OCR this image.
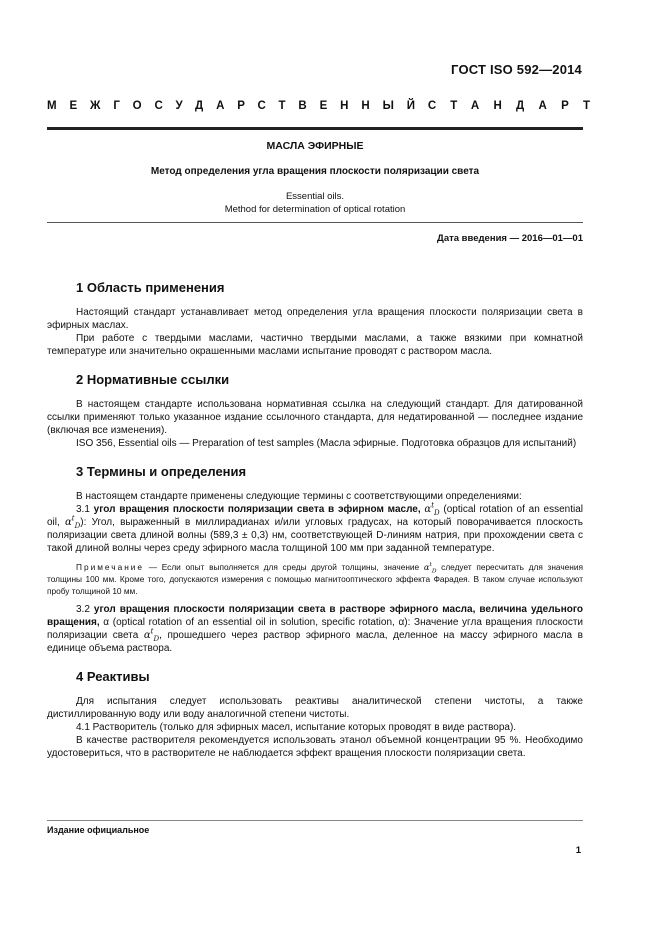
ГОСТ ISO 592—2014
МЕЖГОСУДАРСТВЕННЫЙ СТАНДАРТ
МАСЛА ЭФИРНЫЕ
Метод определения угла вращения плоскости поляризации света
Essential oils.
Method for determination of optical rotation
Дата введения — 2016—01—01
1 Область применения

Настоящий стандарт устанавливает метод определения угла вращения плоскости поляризации света в эфирных маслах.

При работе с твердыми маслами, частично твердыми маслами, а также вязкими при комнатной температуре или значительно окрашенными маслами испытание проводят с раствором масла.

2 Нормативные ссылки

В настоящем стандарте использована нормативная ссылка на следующий стандарт. Для датированной ссылки применяют только указанное издание ссылочного стандарта, для недатированной — последнее издание (включая все изменения).

ISO 356, Essential oils — Preparation of test samples (Масла эфирные. Подготовка образцов для испытаний)

3 Термины и определения

В настоящем стандарте применены следующие термины с соответствующими определениями:

3.1 угол вращения плоскости поляризации света в эфирном масле, $\alpha^t_D$ (optical rotation of an essential oil, $\alpha^t_D$): Угол, выраженный в миллирадианах и/или угловых градусах, на который поворачивается плоскость поляризации света длиной волны (589,3 ± 0,3) нм, соответствующей D-линиям натрия, при прохождении света с такой длиной волны через среду эфирного масла толщиной 100 мм при заданной температуре.

Примечание — Если опыт выполняется для среды другой толщины, значение $\alpha^t_D$ следует пересчитать для значения толщины 100 мм. Кроме того, допускаются измерения с помощью магнитооптического эффекта Фарадея. В таком случае используют пробу толщиной 10 мм.

3.2 угол вращения плоскости поляризации света в растворе эфирного масла, величина удельного вращения, α (optical rotation of an essential oil in solution, specific rotation, α): Значение угла вращения плоскости поляризации света $\alpha^t_D$, прошедшего через раствор эфирного масла, деленное на массу эфирного масла в единице объема раствора.

4 Реактивы

Для испытания следует использовать реактивы аналитической степени чистоты, а также дистиллированную воду или воду аналогичной степени чистоты.

4.1 Растворитель (только для эфирных масел, испытание которых проводят в виде раствора).

В качестве растворителя рекомендуется использовать этанол объемной концентрации 95 %. Необходимо удостовериться, что в растворителе не наблюдается эффект вращения плоскости поляризации света.

Издание официальное
1
